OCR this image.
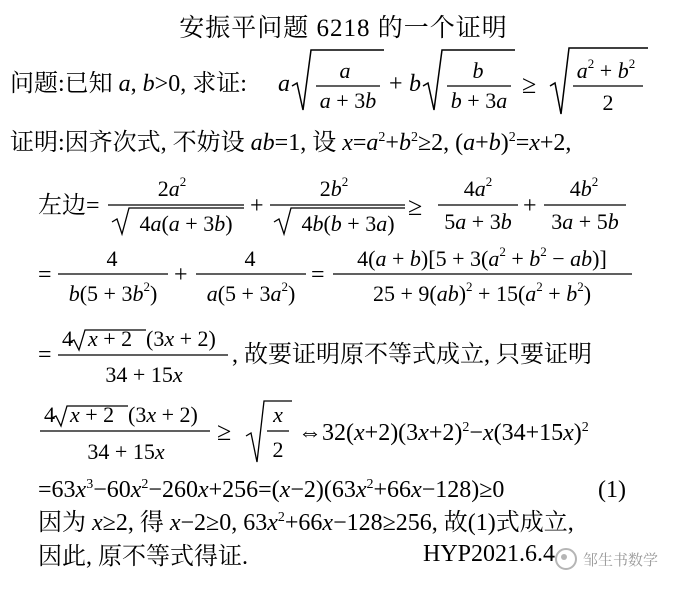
安振平问题 6218 的一个证明
问题:已知 a, b>0, 求证: a
a
a + 3b
+ b
b
b + 3a
≥ $a^2 + b^2$
2
证明:因齐次式, 不妨设 ab=1, 设 $x=a^2+b^2\ge 2$, $(a+b)^2=x+2$,
左边=
$2a^2$
4a(a + 3b)
+
$2b^2$
4b(b + 3a)
≥
$4a^2$
5a + 3b
+
$4b^2$
3a + 5b
=
4
$b(5 + 3b^2)$
+
4
$a(5 + 3a^2)$
=
$4(a + b)[5 + 3(a^2 + b^2 - ab)]$
$25 + 9(ab)^2 + 15(a^2 + b^2)$
=
4 x + 2 (3x + 2)
34 + 15x
, 故要证明原不等式成立, 只要证明
4 x + 2 (3x + 2)
34 + 15x
≥
x
2
$\Leftrightarrow 32(x+2)(3x+2)^2-x(34+15x)^2$
$=63x^3-60x^2-260x+256=(x-2)(63x^2+66x-128)\ge 0$	(1)
因为 x≥2, 得 x−2≥0, $63x^2+66x-128\ge 256$, 故(1)式成立,
因此, 原不等式得证.	HYP2021.6.4 邹生书数学
